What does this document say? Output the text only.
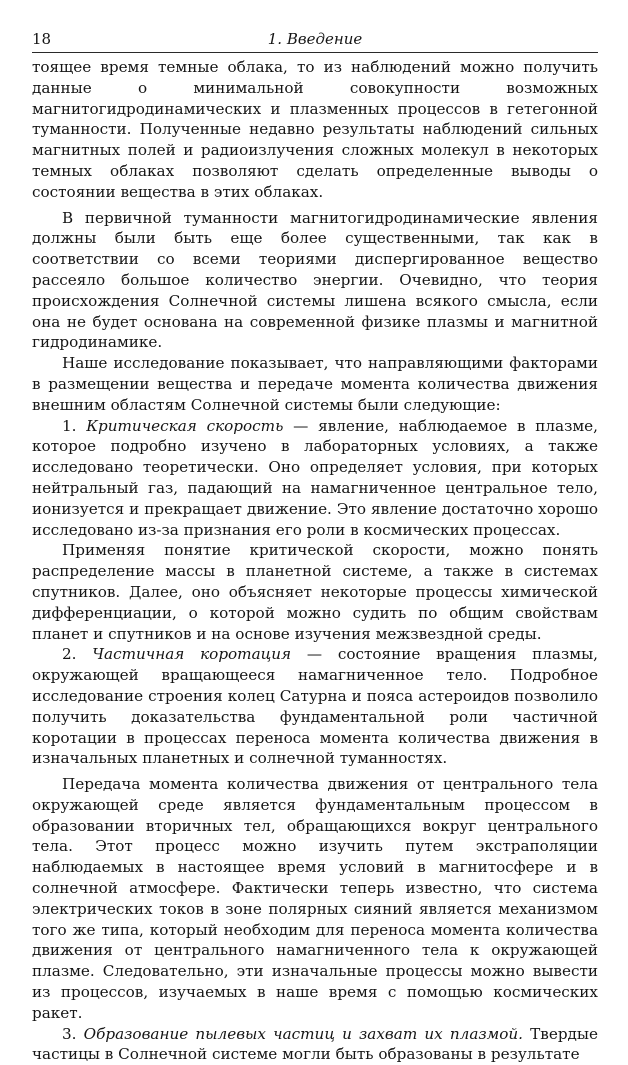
18	1. Введение

тоящее время темные облака, то из наблюдений можно получить данные о минимальной совокупности возможных магнитогидродинамических и плазменных процессов в гетегонной туманности. Полученные недавно результаты наблюдений сильных магнитных полей и радиоизлучения сложных молекул в некоторых темных облаках позволяют сделать определенные выводы о состоянии вещества в этих облаках.

В первичной туманности магнитогидродинамические явления должны были быть еще более существенными, так как в соответствии со всеми теориями диспергированное вещество рассеяло большое количество энергии. Очевидно, что теория происхождения Солнечной системы лишена всякого смысла, если она не будет основана на современной физике плазмы и магнитной гидродинамике.

Наше исследование показывает, что направляющими факторами в размещении вещества и передаче момента количества движения внешним областям Солнечной системы были следующие:

1. Критическая скорость — явление, наблюдаемое в плазме, которое подробно изучено в лабораторных условиях, а также исследовано теоретически. Оно определяет условия, при которых нейтральный газ, падающий на намагниченное центральное тело, ионизуется и прекращает движение. Это явление достаточно хорошо исследовано из-за признания его роли в космических процессах.

Применяя понятие критической скорости, можно понять распределение массы в планетной системе, а также в системах спутников. Далее, оно объясняет некоторые процессы химической дифференциации, о которой можно судить по общим свойствам планет и спутников и на основе изучения межзвездной среды.

2. Частичная коротация — состояние вращения плазмы, окружающей вращающееся намагниченное тело. Подробное исследование строения колец Сатурна и пояса астероидов позволило получить доказательства фундаментальной роли частичной коротации в процессах переноса момента количества движения в изначальных планетных и солнечной туманностях.

Передача момента количества движения от центрального тела окружающей среде является фундаментальным процессом в образовании вторичных тел, обращающихся вокруг центрального тела. Этот процесс можно изучить путем экстраполяции наблюдаемых в настоящее время условий в магнитосфере и в солнечной атмосфере. Фактически теперь известно, что система электрических токов в зоне полярных сияний является механизмом того же типа, который необходим для переноса момента количества движения от центрального намагниченного тела к окружающей плазме. Следовательно, эти изначальные процессы можно вывести из процессов, изучаемых в наше время с помощью космических ракет.

3. Образование пылевых частиц и захват их плазмой. Твердые частицы в Солнечной системе могли быть образованы в результате
